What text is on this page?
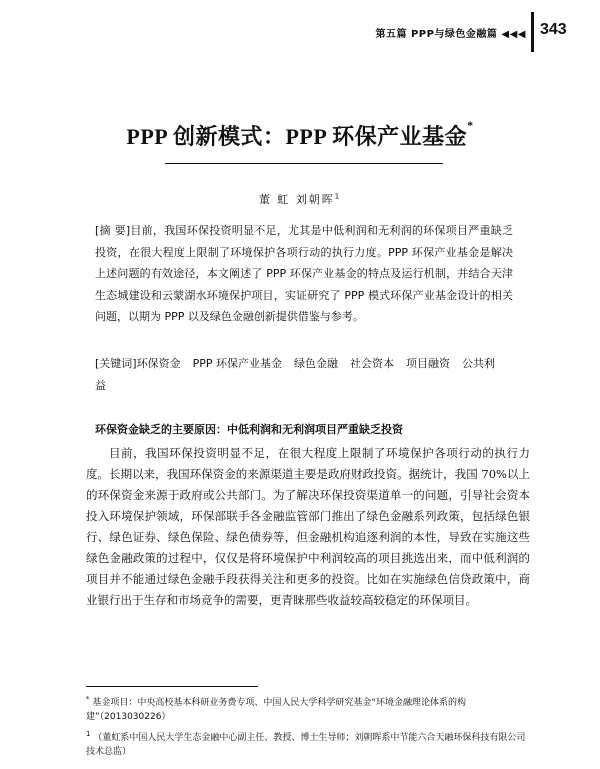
第五篇 PPP与绿色金融篇 ◀◀◀ 343
PPP 创新模式：PPP 环保产业基金*
董 虹 刘朝晖$^1$
[摘 要]目前，我国环保投资明显不足，尤其是中低利润和无利润的环保项目严重缺乏投资，在很大程度上限制了环境保护各项行动的执行力度。PPP 环保产业基金是解决上述问题的有效途径，本文阐述了 PPP 环保产业基金的特点及运行机制，并结合天津生态城建设和云蒙湖水环境保护项目，实证研究了 PPP 模式环保产业基金设计的相关问题，以期为 PPP 以及绿色金融创新提供借鉴与参考。
[关键词]环保资金 PPP 环保产业基金 绿色金融 社会资本 项目融资 公共利益
环保资金缺乏的主要原因：中低利润和无利润项目严重缺乏投资
目前，我国环保投资明显不足，在很大程度上限制了环境保护各项行动的执行力度。长期以来，我国环保资金的来源渠道主要是政府财政投资。据统计，我国 70%以上的环保资金来源于政府或公共部门。为了解决环保投资渠道单一的问题，引导社会资本投入环境保护领域，环保部联手各金融监管部门推出了绿色金融系列政策，包括绿色银行、绿色证券、绿色保险、绿色债券等，但金融机构追逐利润的本性，导致在实施这些绿色金融政策的过程中，仅仅是将环境保护中利润较高的项目挑选出来，而中低利润的项目并不能通过绿色金融手段获得关注和更多的投资。比如在实施绿色信贷政策中，商业银行出于生存和市场竞争的需要，更青睐那些收益较高较稳定的环保项目。
* 基金项目：中央高校基本科研业务费专项、中国人民大学科学研究基金“环境金融理论体系的构建”（2013030226）
$^1$ （董虹系中国人民大学生态金融中心副主任、教授、博士生导师；刘朝晖系中节能六合天融环保科技有限公司技术总监）
